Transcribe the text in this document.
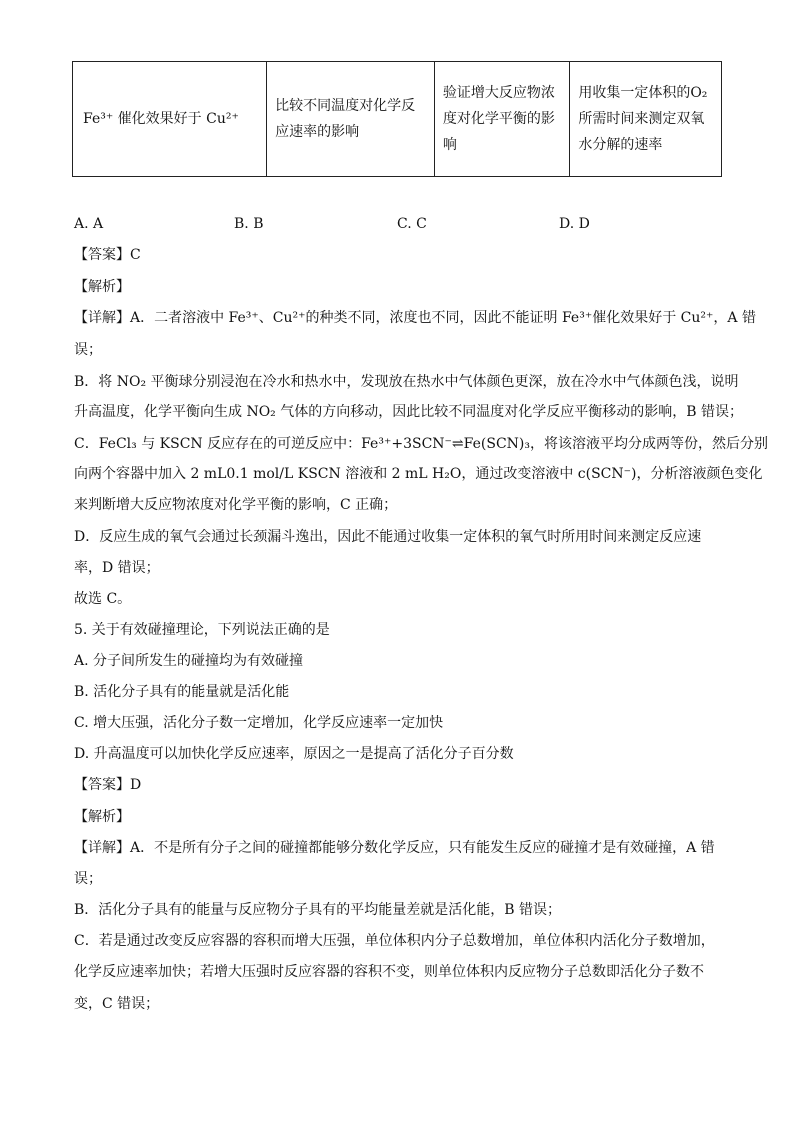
Fe³⁺ 催化效果好于 Cu²⁺	比较不同温度对化学反应速率的影响	验证增大反应物浓度对化学平衡的影响	用收集一定体积的O₂所需时间来测定双氧水分解的速率
A. A	B. B	C. C	D. D
【答案】C
【解析】
【详解】A．二者溶液中 Fe³⁺、Cu²⁺的种类不同，浓度也不同，因此不能证明 Fe³⁺催化效果好于 Cu²⁺，A 错
误；
B．将 NO₂ 平衡球分别浸泡在冷水和热水中，发现放在热水中气体颜色更深，放在冷水中气体颜色浅，说明
升高温度，化学平衡向生成 NO₂ 气体的方向移动，因此比较不同温度对化学反应平衡移动的影响，B 错误；
C．FeCl₃ 与 KSCN 反应存在的可逆反应中：Fe³⁺+3SCN⁻⇌Fe(SCN)₃，将该溶液平均分成两等份，然后分别
向两个容器中加入 2 mL0.1 mol/L KSCN 溶液和 2 mL H₂O，通过改变溶液中 c(SCN⁻)，分析溶液颜色变化
来判断增大反应物浓度对化学平衡的影响，C 正确；
D．反应生成的氧气会通过长颈漏斗逸出，因此不能通过收集一定体积的氧气时所用时间来测定反应速
率，D 错误；
故选 C。
5. 关于有效碰撞理论，下列说法正确的是
A. 分子间所发生的碰撞均为有效碰撞
B. 活化分子具有的能量就是活化能
C. 增大压强，活化分子数一定增加，化学反应速率一定加快
D. 升高温度可以加快化学反应速率，原因之一是提高了活化分子百分数
【答案】D
【解析】
【详解】A．不是所有分子之间的碰撞都能够分数化学反应，只有能发生反应的碰撞才是有效碰撞，A 错
误；
B．活化分子具有的能量与反应物分子具有的平均能量差就是活化能，B 错误；
C．若是通过改变反应容器的容积而增大压强，单位体积内分子总数增加，单位体积内活化分子数增加，
化学反应速率加快；若增大压强时反应容器的容积不变，则单位体积内反应物分子总数即活化分子数不
变，C 错误；
